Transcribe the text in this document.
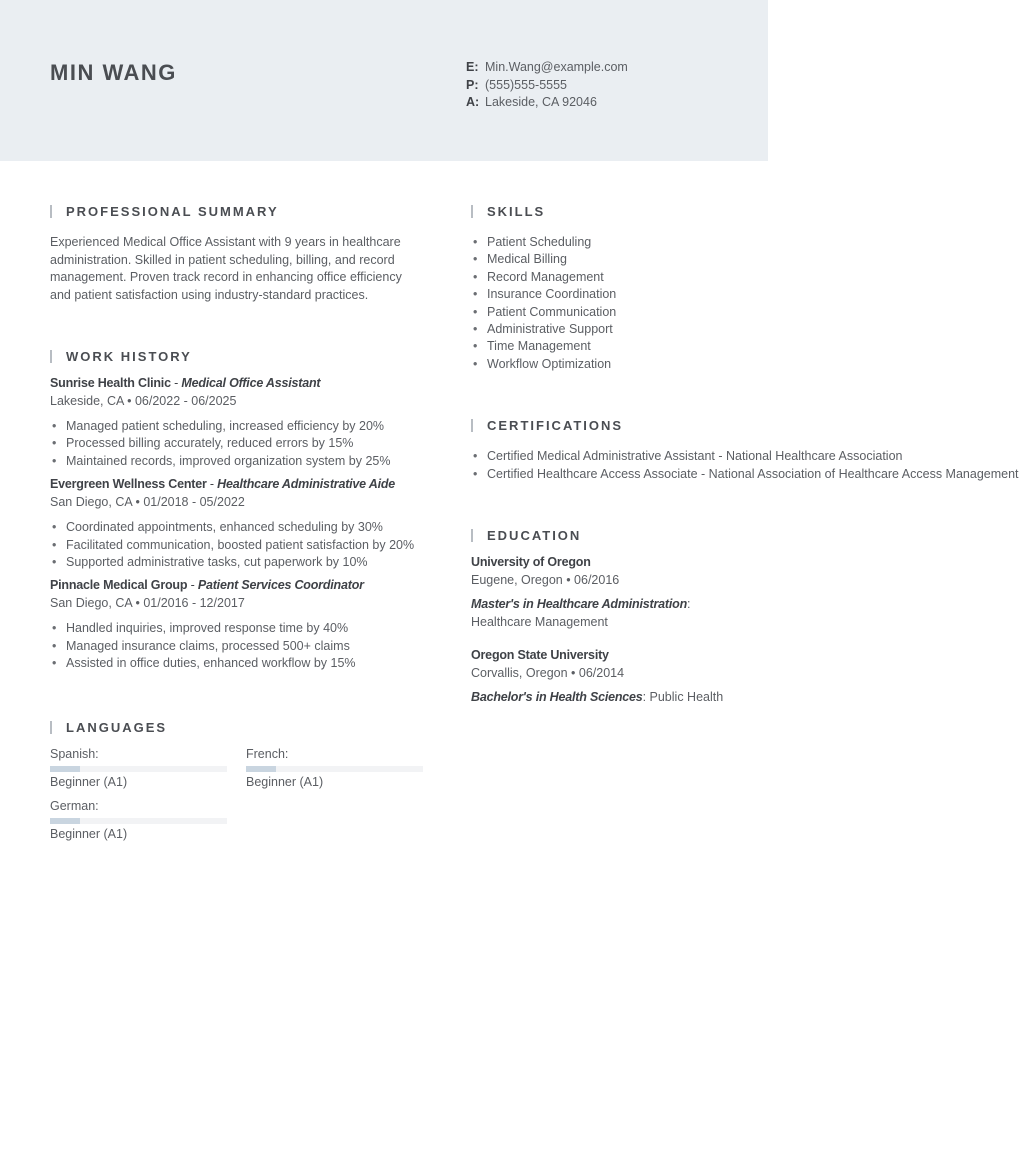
MIN WANG	E: Min.Wang@example.com
P: (555)555-5555
A: Lakeside, CA 92046
PROFESSIONAL SUMMARY
Experienced Medical Office Assistant with 9 years in healthcare
administration. Skilled in patient scheduling, billing, and record
management. Proven track record in enhancing office efficiency
and patient satisfaction using industry-standard practices.
WORK HISTORY
Sunrise Health Clinic - Medical Office Assistant
Lakeside, CA • 06/2022 - 06/2025
• Managed patient scheduling, increased efficiency by 20%
• Processed billing accurately, reduced errors by 15%
• Maintained records, improved organization system by 25%
Evergreen Wellness Center - Healthcare Administrative Aide
San Diego, CA • 01/2018 - 05/2022
• Coordinated appointments, enhanced scheduling by 30%
• Facilitated communication, boosted patient satisfaction by 20%
• Supported administrative tasks, cut paperwork by 10%
Pinnacle Medical Group - Patient Services Coordinator
San Diego, CA • 01/2016 - 12/2017
• Handled inquiries, improved response time by 40%
• Managed insurance claims, processed 500+ claims
• Assisted in office duties, enhanced workflow by 15%
LANGUAGES
Spanish:
Beginner (A1)
French:
Beginner (A1)
German:
Beginner (A1)
SKILLS
• Patient Scheduling
• Medical Billing
• Record Management
• Insurance Coordination
• Patient Communication
• Administrative Support
• Time Management
• Workflow Optimization
CERTIFICATIONS
• Certified Medical Administrative Assistant - National Healthcare Association
• Certified Healthcare Access Associate - National Association of Healthcare Access Management
EDUCATION
University of Oregon
Eugene, Oregon • 06/2016
Master's in Healthcare Administration:
Healthcare Management
Oregon State University
Corvallis, Oregon • 06/2014
Bachelor's in Health Sciences: Public Health
